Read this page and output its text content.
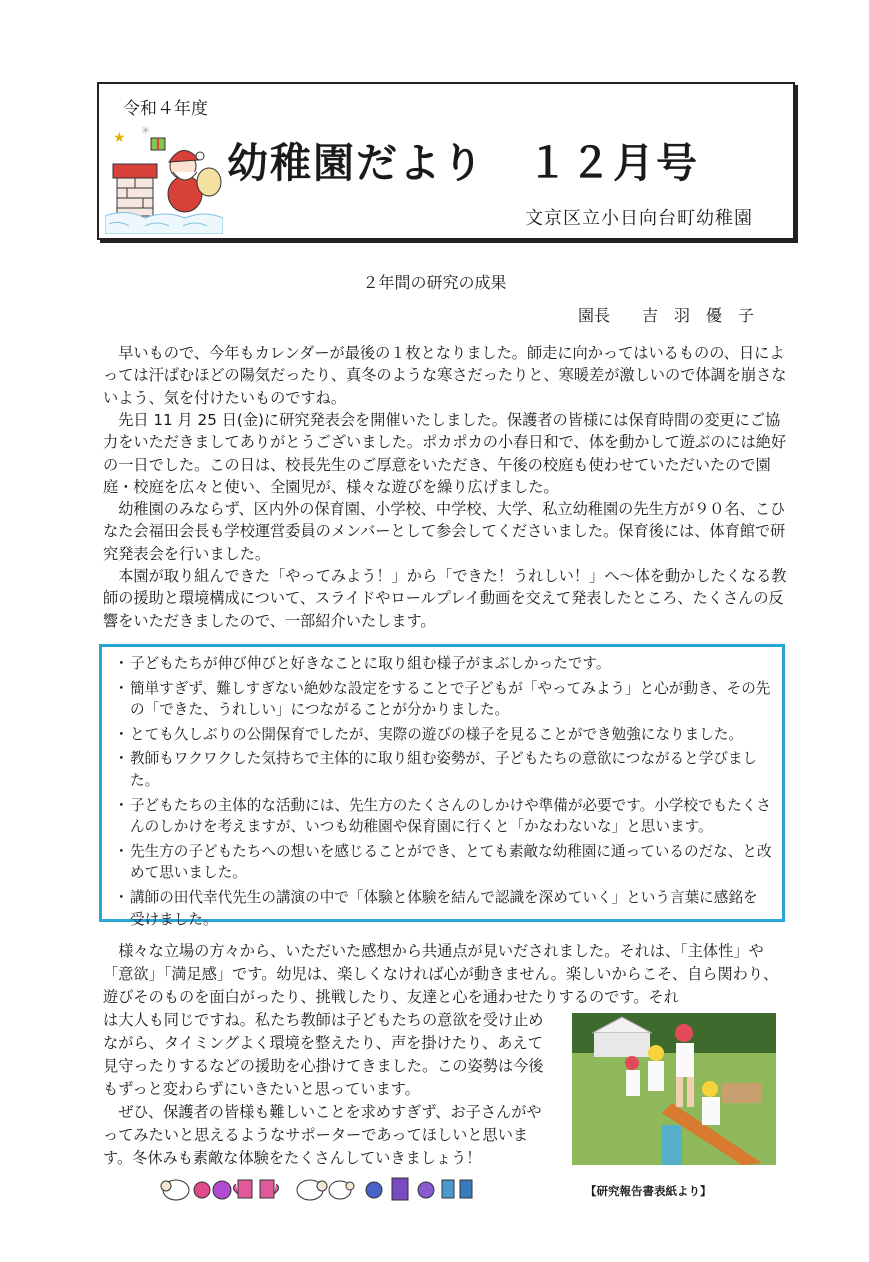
令和４年度
★ ✳
幼稚園だより １２月号
文京区立小日向台町幼稚園
２年間の研究の成果
園長　　吉　羽　優　子

早いもので、今年もカレンダーが最後の１枚となりました。師走に向かってはいるものの、日によっては汗ばむほどの陽気だったり、真冬のような寒さだったりと、寒暖差が激しいので体調を崩さないよう、気を付けたいものですね。

先日 11 月 25 日(金)に研究発表会を開催いたしました。保護者の皆様には保育時間の変更にご協力をいただきましてありがとうございました。ポカポカの小春日和で、体を動かして遊ぶのには絶好の一日でした。この日は、校長先生のご厚意をいただき、午後の校庭も使わせていただいたので園庭・校庭を広々と使い、全園児が、様々な遊びを繰り広げました。

幼稚園のみならず、区内外の保育園、小学校、中学校、大学、私立幼稚園の先生方が９０名、こひなた会福田会長も学校運営委員のメンバーとして参会してくださいました。保育後には、体育館で研究発表会を行いました。

本園が取り組んできた「やってみよう！」から「できた！うれしい！」へ～体を動かしたくなる教師の援助と環境構成について、スライドやロールプレイ動画を交えて発表したところ、たくさんの反響をいただきましたので、一部紹介いたします。

・ 子どもたちが伸び伸びと好きなことに取り組む様子がまぶしかったです。
・ 簡単すぎず、難しすぎない絶妙な設定をすることで子どもが「やってみよう」と心が動き、その先の「できた、うれしい」につながることが分かりました。
・ とても久しぶりの公開保育でしたが、実際の遊びの様子を見ることができ勉強になりました。
・ 教師もワクワクした気持ちで主体的に取り組む姿勢が、子どもたちの意欲につながると学びました。
・ 子どもたちの主体的な活動には、先生方のたくさんのしかけや準備が必要です。小学校でもたくさんのしかけを考えますが、いつも幼稚園や保育園に行くと「かなわないな」と思います。
・ 先生方の子どもたちへの想いを感じることができ、とても素敵な幼稚園に通っているのだな、と改めて思いました。
・ 講師の田代幸代先生の講演の中で「体験と体験を結んで認識を深めていく」という言葉に感銘を受けました。

様々な立場の方々から、いただいた感想から共通点が見いだされました。それは、「主体性」や「意欲」「満足感」です。幼児は、楽しくなければ心が動きません。楽しいからこそ、自ら関わり、遊びそのものを面白がったり、挑戦したり、友達と心を通わせたりするのです。それ

は大人も同じですね。私たち教師は子どもたちの意欲を受け止めながら、タイミングよく環境を整えたり、声を掛けたり、あえて見守ったりするなどの援助を心掛けてきました。この姿勢は今後もずっと変わらずにいきたいと思っています。

ぜひ、保護者の皆様も難しいことを求めすぎず、お子さんがやってみたいと思えるようなサポーターであってほしいと思います。冬休みも素敵な体験をたくさんしていきましょう！

【研究報告書表紙より】
